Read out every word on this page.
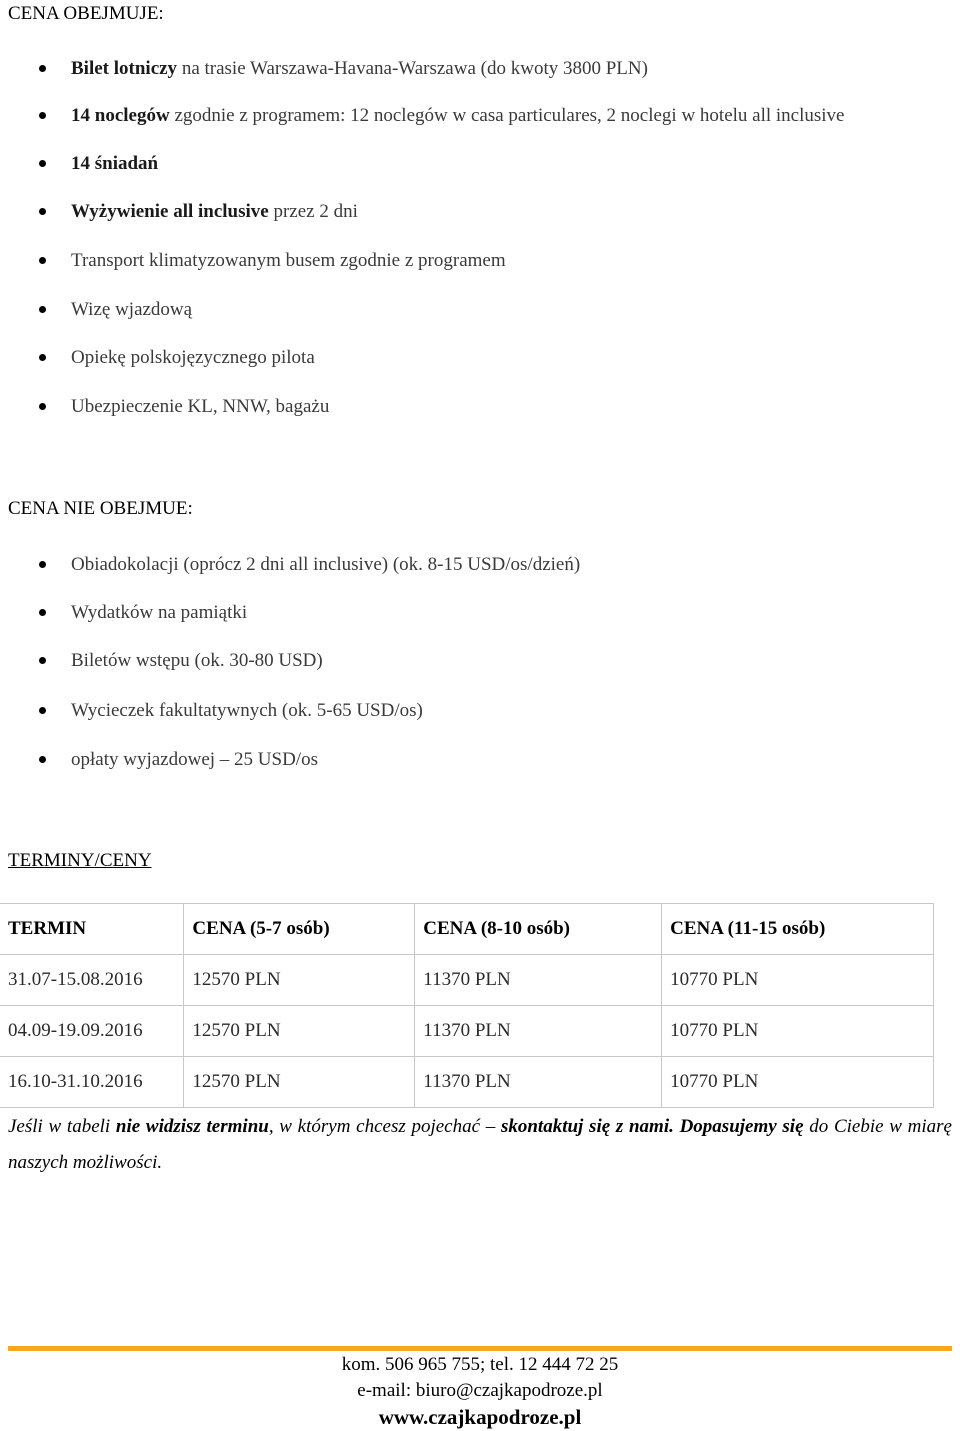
CENA OBEJMUJE:
Bilet lotniczy na trasie Warszawa-Havana-Warszawa (do kwoty 3800 PLN)
14 noclegów zgodnie z programem: 12 noclegów w casa particulares, 2 noclegi w hotelu all inclusive
14 śniadań
Wyżywienie all inclusive przez 2 dni
Transport klimatyzowanym busem zgodnie z programem
Wizę wjazdową
Opiekę polskojęzycznego pilota
Ubezpieczenie KL, NNW, bagażu
CENA NIE OBEJMUE:
Obiadokolacji (oprócz 2 dni all inclusive) (ok. 8-15 USD/os/dzień)
Wydatków na pamiątki
Biletów wstępu (ok. 30-80 USD)
Wycieczek fakultatywnych (ok. 5-65 USD/os)
opłaty wyjazdowej – 25 USD/os
TERMINY/CENY
TERMIN	CENA (5-7 osób)	CENA (8-10 osób)	CENA (11-15 osób)
31.07-15.08.2016	12570 PLN	11370 PLN	10770 PLN
04.09-19.09.2016	12570 PLN	11370 PLN	10770 PLN
16.10-31.10.2016	12570 PLN	11370 PLN	10770 PLN

Jeśli w tabeli nie widzisz terminu, w którym chcesz pojechać – skontaktuj się z nami. Dopasujemy się do Ciebie w miarę naszych możliwości.

kom. 506 965 755; tel. 12 444 72 25

e-mail: biuro@czajkapodroze.pl

www.czajkapodroze.pl
